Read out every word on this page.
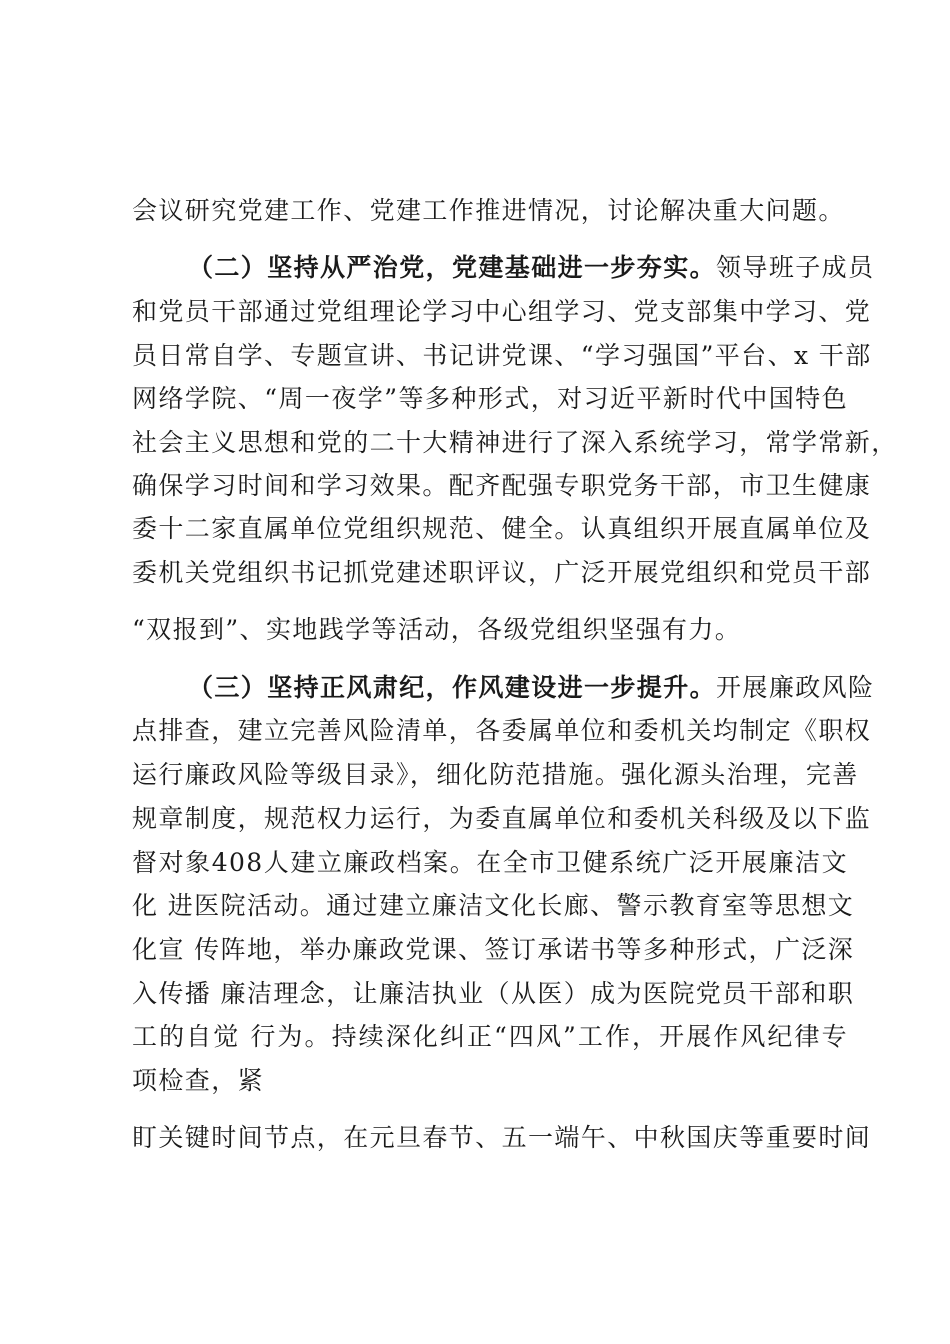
会议研究党建工作、党建工作推进情况，讨论解决重大问题。
（二）坚持从严治党，党建基础进一步夯实。领导班子成员
和党员干部通过党组理论学习中心组学习、党支部集中学习、党
员日常自学、专题宣讲、书记讲党课、“学习强国”平台、x 干部
网络学院、“周一夜学”等多种形式，对习近平新时代中国特色
社会主义思想和党的二十大精神进行了深入系统学习，常学常新，
确保学习时间和学习效果。配齐配强专职党务干部，市卫生健康
委十二家直属单位党组织规范、健全。认真组织开展直属单位及
委机关党组织书记抓党建述职评议，广泛开展党组织和党员干部
“双报到”、实地践学等活动，各级党组织坚强有力。
（三）坚持正风肃纪，作风建设进一步提升。开展廉政风险
点排查，建立完善风险清单，各委属单位和委机关均制定《职权
运行廉政风险等级目录》，细化防范措施。强化源头治理，完善
规章制度，规范权力运行，为委直属单位和委机关科级及以下监
督对象408人建立廉政档案。在全市卫健系统广泛开展廉洁文
化 进医院活动。通过建立廉洁文化长廊、警示教育室等思想文
化宣 传阵地，举办廉政党课、签订承诺书等多种形式，广泛深
入传播 廉洁理念，让廉洁执业（从医）成为医院党员干部和职
工的自觉 行为。持续深化纠正“四风”工作，开展作风纪律专
项检查，紧
盯关键时间节点，在元旦春节、五一端午、中秋国庆等重要时间
